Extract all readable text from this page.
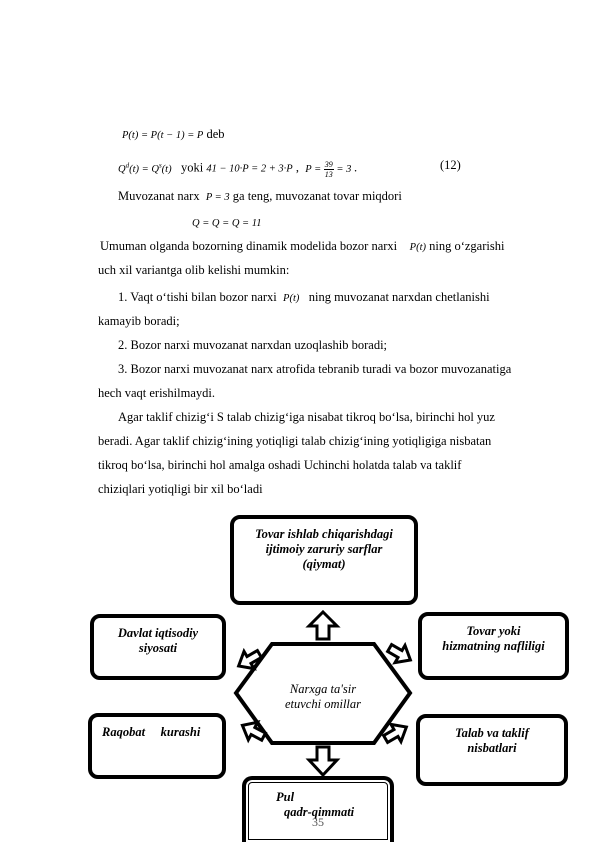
P(t) = P(t − 1) = P deb
$Q^d(t) = Q^s(t)$ yoki 41 − 10·P = 2 + 3·P ,  $P = \frac{39}{13} = 3$ .	(12)
Muvozanat narx P = 3 ga teng, muvozanat tovar miqdori
Q = Q = Q = 11
Umuman olganda bozorning dinamik modelida bozor narxi P(t) ning o‘zgarishi
uch xil variantga olib kelishi mumkin:
1. Vaqt o‘tishi bilan bozor narxi P(t) ning muvozanat narxdan chetlanishi
kamayib boradi;
2. Bozor narxi muvozanat narxdan uzoqlashib boradi;
3. Bozor narxi muvozanat narx atrofida tebranib turadi va bozor muvozanatiga
hech vaqt erishilmaydi.
Agar taklif chizig‘i S talab chizig‘iga nisabat tikroq bo‘lsa, birinchi hol yuz
beradi. Agar taklif chizig‘ining yotiqligi talab chizig‘ining yotiqligiga nisbatan
tikroq bo‘lsa, birinchi hol amalga oshadi Uchinchi holatda talab va taklif
chiziqlari yotiqligi bir xil bo‘ladi
Narxga ta'sir
etuvchi omillar
Tovar ishlab chiqarishdagi
ijtimoiy zaruriy sarflar
(qiymat)
Davlat iqtisodiy
siyosati
Tovar yoki
hizmatning nafliligi
Raqobat     kurashi	Talab va taklif
nisbatlari
Pul
qadr-qimmati
35
